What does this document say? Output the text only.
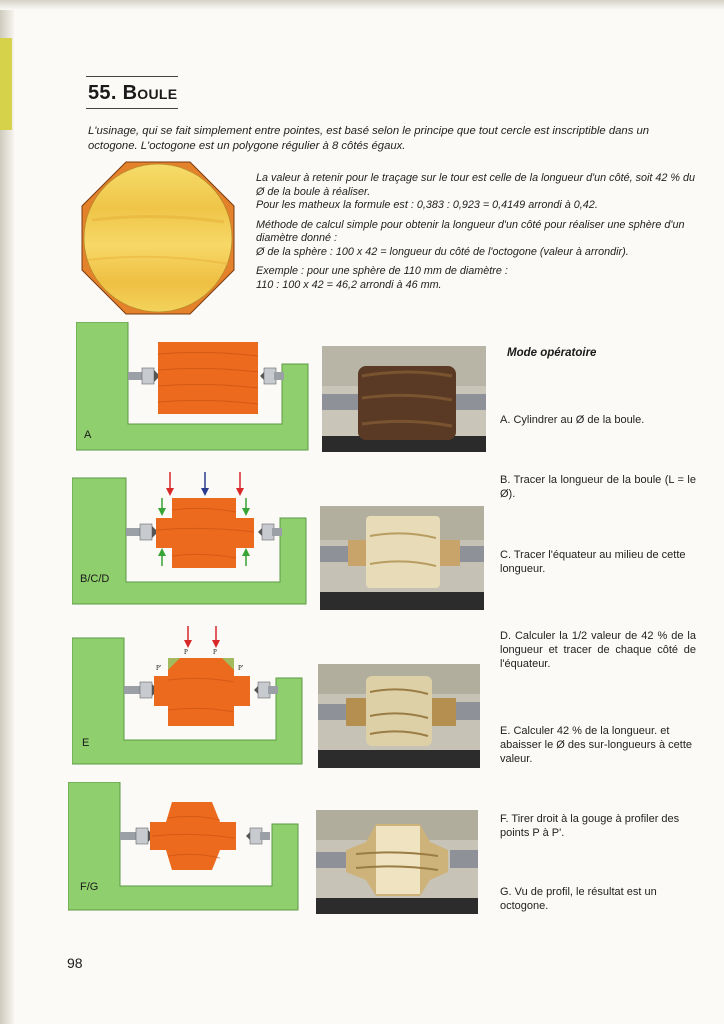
55. Boule
L'usinage, qui se fait simplement entre pointes, est basé selon le principe que tout cercle est inscriptible dans un octogone. L'octogone est un polygone régulier à 8 côtés égaux.

La valeur à retenir pour le traçage sur le tour est celle de la longueur d'un côté, soit 42 % du Ø de la boule à réaliser.

Pour les matheux la formule est : 0,383 : 0,923 = 0,4149 arrondi à 0,42.

Méthode de calcul simple pour obtenir la longueur d'un côté pour réaliser une sphère d'un diamètre donné :

Ø de la sphère : 100 x 42 = longueur du côté de l'octogone (valeur à arrondir).

Exemple : pour une sphère de 110 mm de diamètre :

110 : 100 x 42 = 46,2 arrondi à 46 mm.

A
Mode opératoire
A. Cylindrer au Ø de la boule.
B/C/D
B. Tracer la longueur de la boule (L = le Ø).
C. Tracer l'équateur au milieu de cette longueur.
P	P
P'	P'
E
D. Calculer la 1/2 valeur de 42 % de la longueur et tracer de chaque côté de l'équateur.
E. Calculer 42 % de la longueur. et abaisser le Ø des sur-longueurs à cette valeur.
F/G
F. Tirer droit à la gouge à profiler des points P à P'.
G. Vu de profil, le résultat est un octogone.
98
